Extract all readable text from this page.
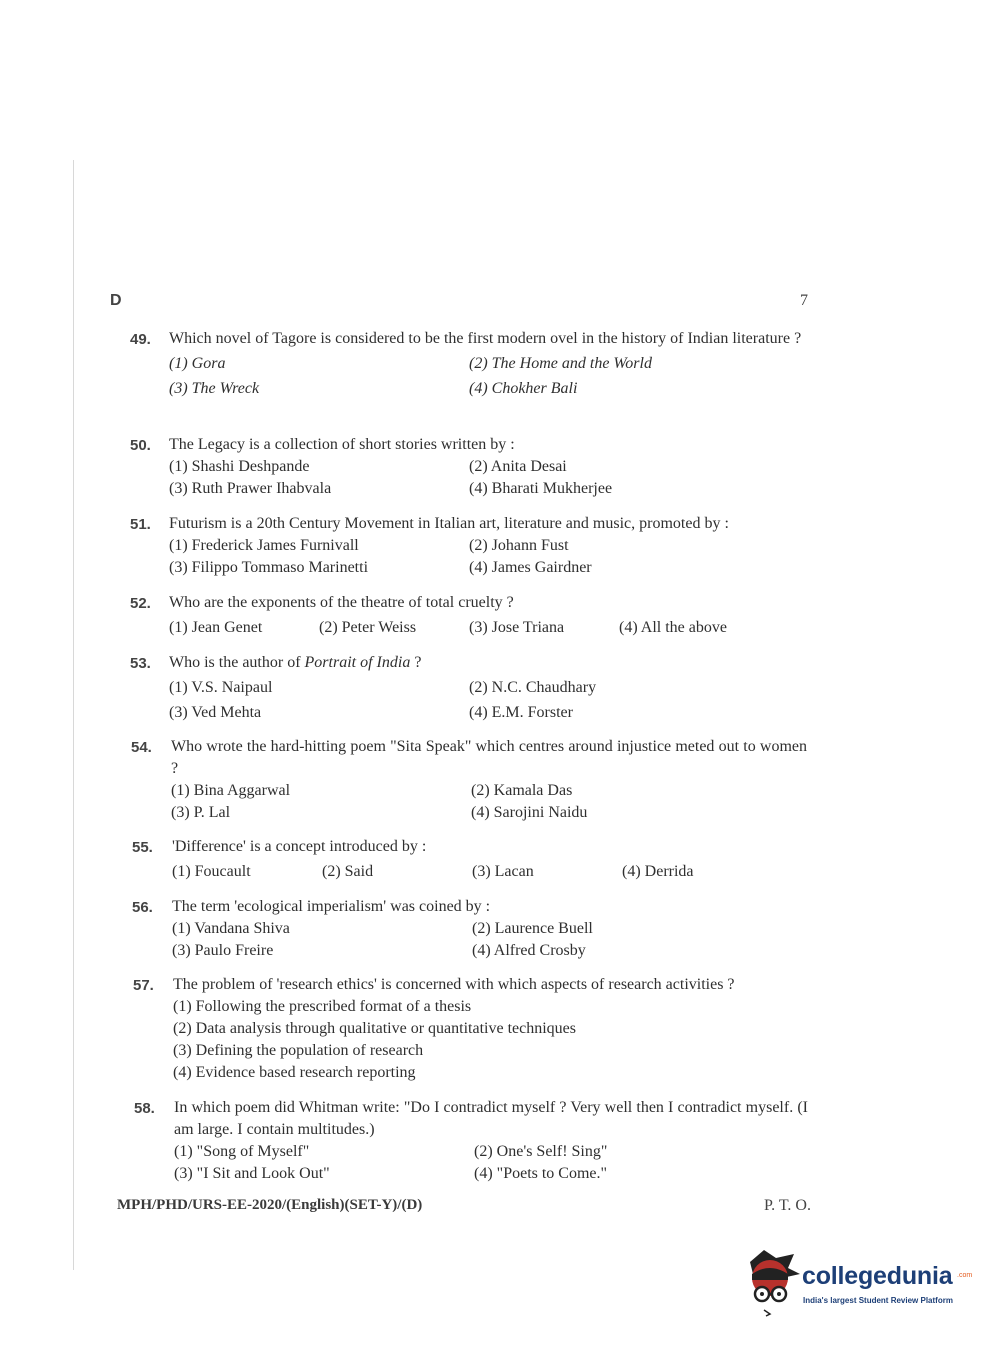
D	7
49. Which novel of Tagore is considered to be the first modern ovel in the history of Indian literature ?
(1) Gora	(2) The Home and the World
(3) The Wreck	(4) Chokher Bali
50. The Legacy is a collection of short stories written by :
(1) Shashi Deshpande	(2) Anita Desai
(3) Ruth Prawer Ihabvala	(4) Bharati Mukherjee
51. Futurism is a 20th Century Movement in Italian art, literature and music, promoted by :
(1) Frederick James Furnivall	(2) Johann Fust
(3) Filippo Tommaso Marinetti	(4) James Gairdner
52. Who are the exponents of the theatre of total cruelty ?
(1) Jean Genet	(2) Peter Weiss	(3) Jose Triana	(4) All the above
53. Who is the author of Portrait of India ?
(1) V.S. Naipaul	(2) N.C. Chaudhary
(3) Ved Mehta	(4) E.M. Forster
54. Who wrote the hard-hitting poem "Sita Speak" which centres around injustice meted out to women ?
(1) Bina Aggarwal	(2) Kamala Das
(3) P. Lal	(4) Sarojini Naidu
55. 'Difference' is a concept introduced by :
(1) Foucault	(2) Said	(3) Lacan	(4) Derrida
56. The term 'ecological imperialism' was coined by :
(1) Vandana Shiva	(2) Laurence Buell
(3) Paulo Freire	(4) Alfred Crosby
57. The problem of 'research ethics' is concerned with which aspects of research activities ?
(1) Following the prescribed format of a thesis
(2) Data analysis through qualitative or quantitative techniques
(3) Defining the population of research
(4) Evidence based research reporting
58. In which poem did Whitman write: "Do I contradict myself ? Very well then I contradict myself. (I am large. I contain multitudes.)
(1) "Song of Myself"	(2) One's Self! Sing"
(3) "I Sit and Look Out"	(4) "Poets to Come."
MPH/PHD/URS-EE-2020/(English)(SET-Y)/(D)	P. T. O.
collegedunia .com
India's largest Student Review Platform
